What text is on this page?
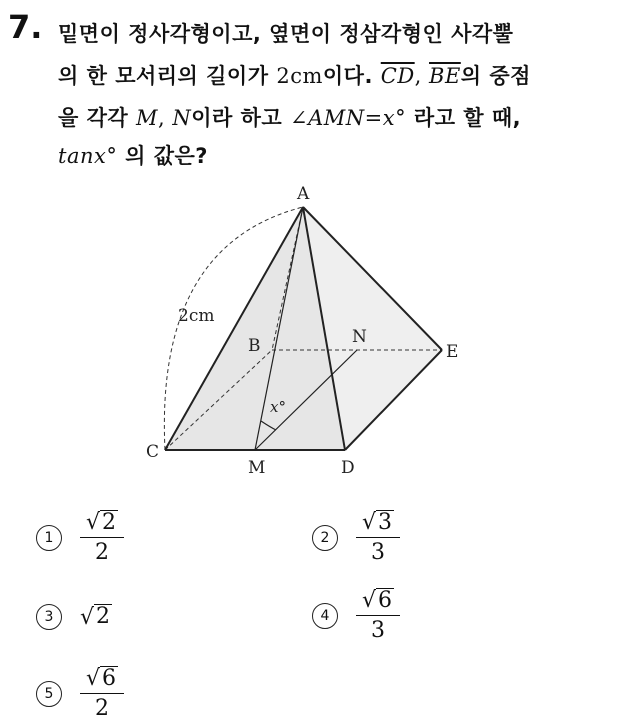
7. 밑면이 정사각형이고, 옆면이 정삼각형인 사각뿔
의 한 모서리의 길이가 2cm이다. $\overline{CD}$, $\overline{BE}$의 중점
을 각각 M, N이라 하고 ∠AMN=x° 라고 할 때,
tanx° 의 값은?
A
B
C
D
E
M
N
2cm
x°
1	$\frac{√ 2}{2}$	2	$\frac{√ 3}{3}$
3	√ 2	4	$\frac{√ 6}{3}$
5	$\frac{√ 6}{2}$
